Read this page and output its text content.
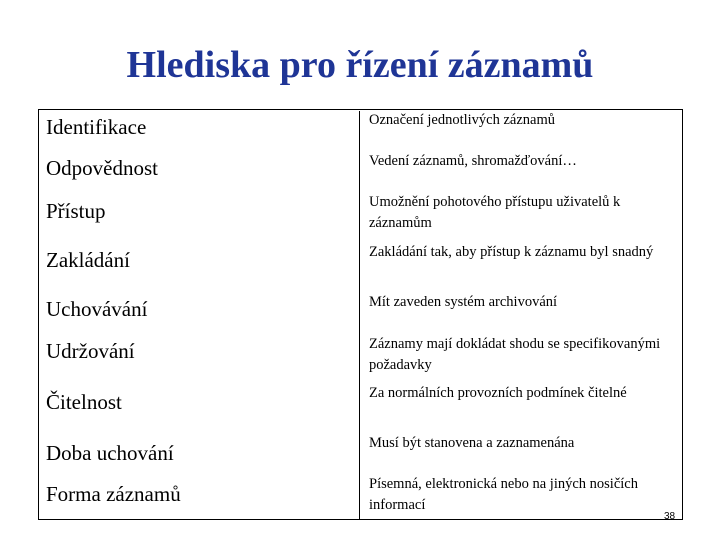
Hlediska pro řízení záznamů
Identifikace	Označení jednotlivých záznamů
Odpovědnost	Vedení záznamů, shromažďování…
Přístup	Umožnění pohotového přístupu uživatelů k záznamům
Zakládání	Zakládání tak, aby přístup k záznamu byl snadný
Uchovávání	Mít zaveden systém archivování
Udržování	Záznamy mají dokládat shodu se specifikovanými požadavky
Čitelnost	Za normálních provozních podmínek čitelné
Doba uchování	Musí být stanovena a zaznamenána
Forma záznamů	Písemná, elektronická nebo na jiných nosičích informací
38
